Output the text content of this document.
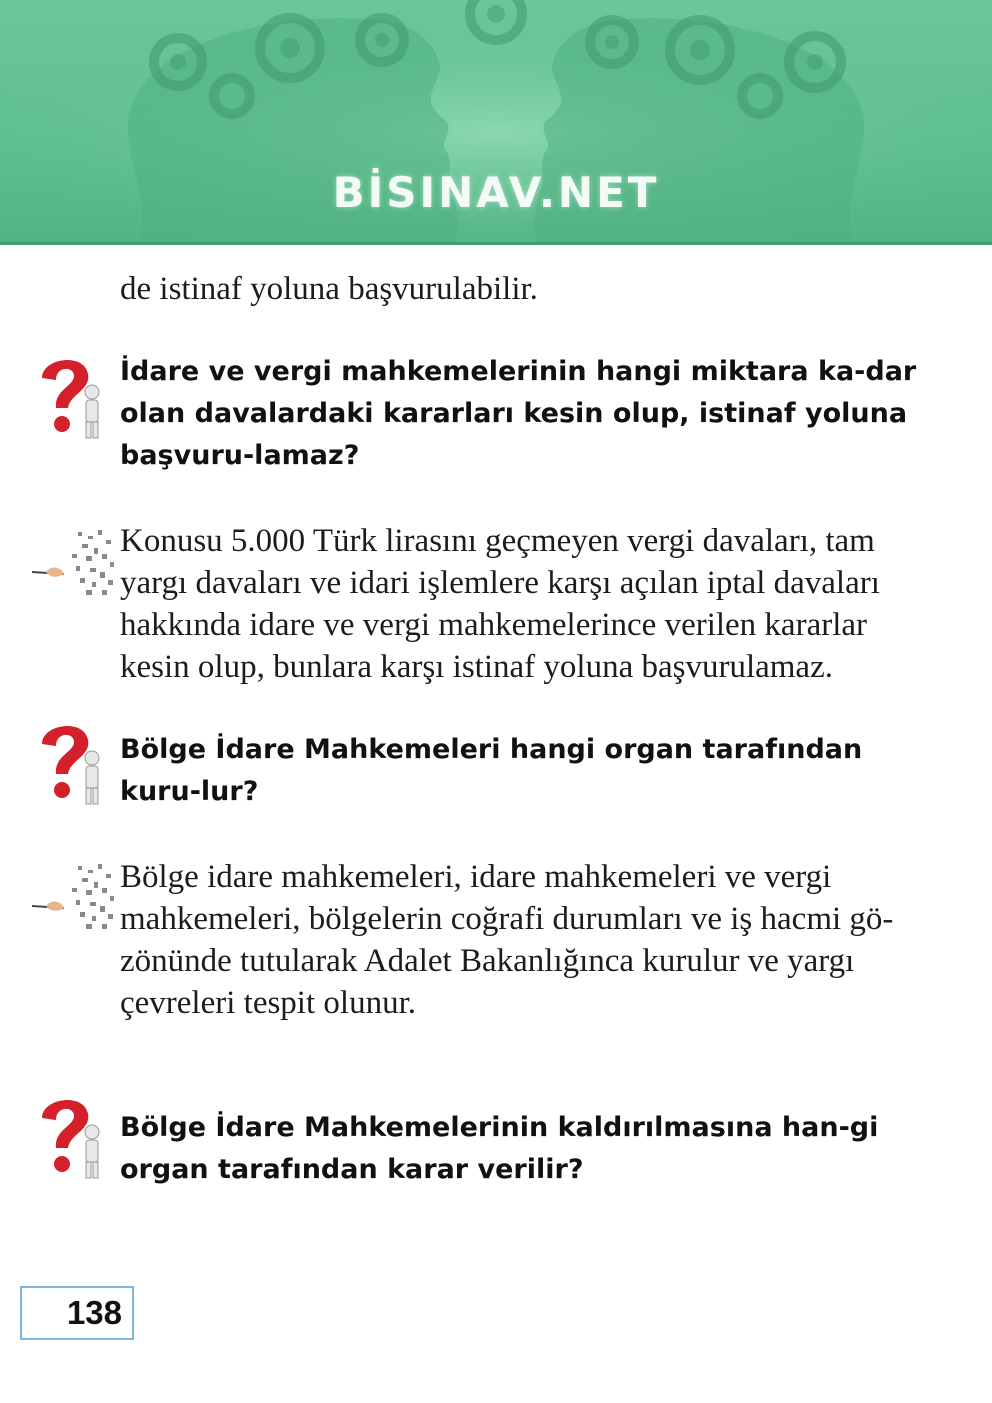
BİSINAV.NET

de istinaf yoluna başvurulabilir.

İdare ve vergi mahkemelerinin hangi miktara ka-dar olan davalardaki kararları kesin olup, istinaf yoluna başvuru-lamaz?

Konusu 5.000 Türk lirasını geçmeyen vergi davaları, tam yargı davaları ve idari işlemlere karşı açılan iptal davaları hakkında idare ve vergi mahkemelerince verilen kararlar kesin olup, bunlara karşı istinaf yoluna başvurulamaz.

Bölge İdare Mahkemeleri hangi organ tarafından kuru-lur?

Bölge idare mahkemeleri, idare mahkemeleri ve vergi mahkemeleri, bölgelerin coğrafi durumları ve iş hacmi gö-zönünde tutularak Adalet Bakanlığınca kurulur ve yargı çevreleri tespit olunur.

Bölge İdare Mahkemelerinin kaldırılmasına han-gi organ tarafından karar verilir?

138
